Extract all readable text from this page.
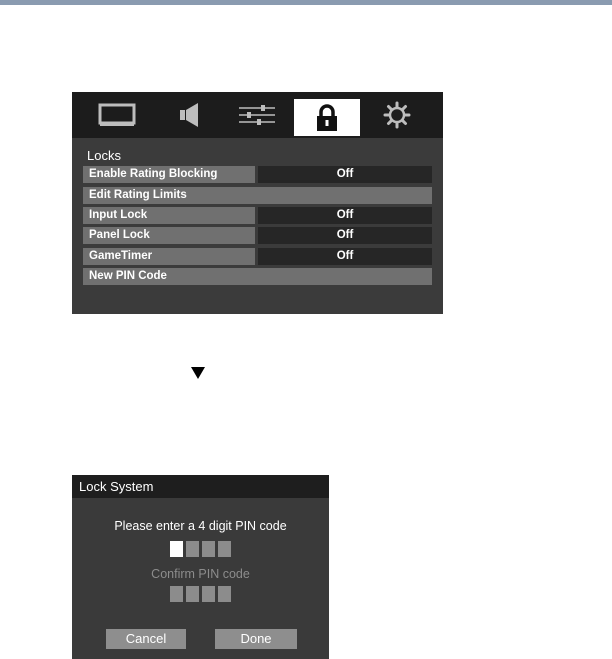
Locks
Enable Rating Blocking	Off
Edit Rating Limits
Input Lock	Off
Panel Lock	Off
GameTimer	Off
New PIN Code
Lock System
Please enter a 4 digit PIN code
Confirm PIN code
Cancel	Done
